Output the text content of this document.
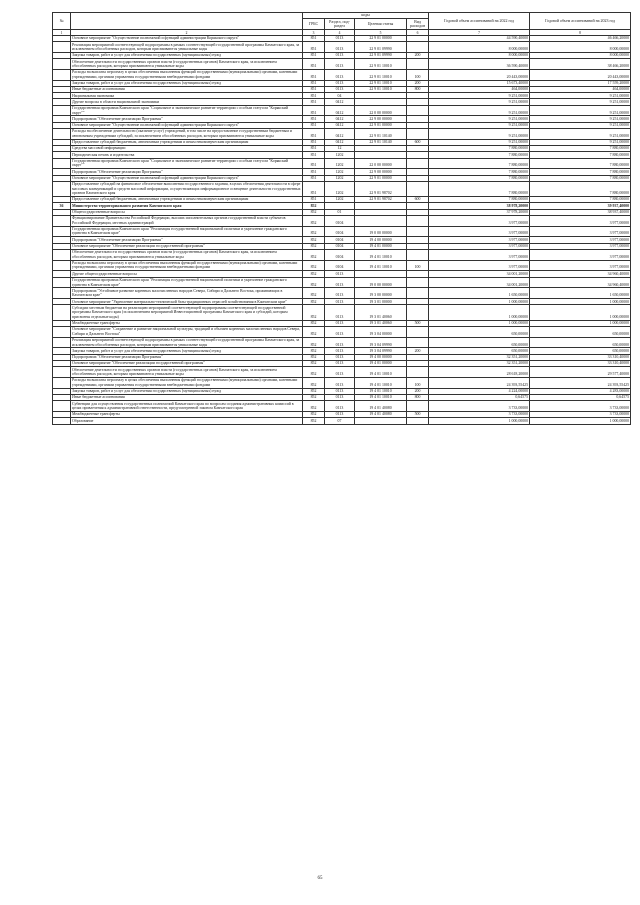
№		коды				Годовой объем ассигнований на 2022 год	Годовой объем ассигнований на 2023 год
		ГРБС	Раздел, под-раздел	Целевая статья	Вид расходов		
1	2	3	4	5	6	7	8
	Основное мероприятие "Осуществление полномочий и функций администрации Корякского округа"	851	0113	22 9 01 00000		44 590,40000	46 466,20000
	Реализация мероприятий соответствующей подпрограммы в рамках соответствующей государственной программы Камчатского края, за исключением обособленных расходов, которым присваиваются уникальные коды	851	0113	22 9 01 09990		8 000,00000	8 000,00000
	Закупка товаров, работ и услуг для обеспечения государственных (муниципальных) нужд	851	0113	22 9 01 09990	200	8 000,00000	8 000,00000
	Обеспечение деятельности государственных органов власти (государственных органов) Камчатского края, за исключением обособленных расходов, которым присваиваются уникальные коды	851	0113	22 9 01 10010		36 590,40000	38 466,20000
	Расходы на выплаты персоналу в целях обеспечения выполнения функций государственными (муниципальными) органами, казенными учреждениями, органами управления государственными внебюджетными фондами	851	0113	22 9 01 10010	100	20 443,00000	20 443,00000
	Закупка товаров, работ и услуг для обеспечения государственных (муниципальных) нужд	851	0113	22 9 01 10010	200	15 673,40000	17 559,20000
	Иные бюджетные ассигнования	851	0113	22 9 01 10010	800	464,00000	464,00000
	Национальная экономика	851	04			9 251,00000	9 251,00000
	Другие вопросы в области национальной экономики	851	0412			9 251,00000	9 251,00000
	Государственная программа Камчатского края "Социальное и экономическое развитие территории с особым статусом "Корякский округ""	851	0412	22 0 00 00000		9 251,00000	9 251,00000
	Подпрограмма "Обеспечение реализации Программы"	851	0412	22 9 00 00000		9 251,00000	9 251,00000
	Основное мероприятие "Осуществление полномочий и функций администрации Корякского округа"	851	0412	22 9 01 00000		9 251,00000	9 251,00000
	Расходы на обеспечение деятельности (оказание услуг) учреждений, в том числе на предоставление государственным бюджетным и автономным учреждениям субсидий, за исключением обособленных расходов, которым присваиваются уникальные коды	851	0412	22 9 01 10140		9 251,00000	9 251,00000
	Предоставление субсидий бюджетным, автономным учреждениям и иным некоммерческим организациям	851	0412	22 9 01 10140	600	9 251,00000	9 251,00000
	Средства массовой информации	851	12			7 880,00000	7 880,00000
	Периодическая печать и издательства	851	1202			7 880,00000	7 880,00000
	Государственная программа Камчатского края "Социальное и экономическое развитие территории с особым статусом "Корякский округ""	851	1202	22 0 00 00000		7 880,00000	7 880,00000
	Подпрограмма "Обеспечение реализации Программы"	851	1202	22 9 00 00000		7 880,00000	7 880,00000
	Основное мероприятие "Осуществление полномочий и функций администрации Корякского округа"	851	1202	22 9 01 00000		7 880,00000	7 880,00000
	Предоставление субсидий на финансовое обеспечение выполнения государственного задания, в целях обеспечения деятельности в сфере массовых коммуникаций и средств массовой информации, осуществляющих информационное освещение деятельности государственных органов Камчатского края	851	1202	22 9 01 98702		7 880,00000	7 880,00000
	Предоставление субсидий бюджетным, автономным учреждениям и иным некоммерческим организациям	851	1202	22 9 01 98702	600	7 880,00000	7 880,00000
36	Министерство территориального развития Камчатского края	852				38 978,20000	39 937,40000
	Общегосударственные вопросы	852	01			37 978,20000	38 937,40000
	Функционирование Правительства Российской Федерации, высших исполнительных органов государственной власти субъектов Российской Федерации, местных администраций	852	0104			3 977,00000	3 977,00000
	Государственная программа Камчатского края "Реализация государственной национальной политики и укрепление гражданского единства в Камчатском крае"	852	0104	19 0 00 00000		3 977,00000	3 977,00000
	Подпрограмма "Обеспечение реализации Программы"	852	0104	19 4 00 00000		3 977,00000	3 977,00000
	Основное мероприятие "Обеспечение реализации государственной программы"	852	0104	19 4 01 00000		3 977,00000	3 977,00000
	Обеспечение деятельности государственных органов власти (государственных органов) Камчатского края, за исключением обособленных расходов, которым присваиваются уникальные коды	852	0104	19 4 01 10010		3 977,00000	3 977,00000
	Расходы на выплаты персоналу в целях обеспечения выполнения функций государственными (муниципальными) органами, казенными учреждениями, органами управления государственными внебюджетными фондами	852	0104	19 4 01 10010	100	3 977,00000	3 977,00000
	Другие общегосударственные вопросы	852	0113			34 001,20000	34 960,40000
	Государственная программа Камчатского края "Реализация государственной национальной политики и укрепление гражданского единства в Камчатском крае"	852	0113	19 0 00 00000		34 001,20000	34 960,40000
	Подпрограмма "Устойчивое развитие коренных малочисленных народов Севера, Сибири и Дальнего Востока, проживающих в Камчатском крае"	852	0113	19 3 00 00000		1 650,00000	1 650,00000
	Основное мероприятие "Укрепление материально-технической базы традиционных отраслей хозяйствования в Камчатском крае"	852	0113	19 3 01 00000		1 000,00000	1 000,00000
	Субсидии местным бюджетам на реализацию мероприятий соответствующей подпрограммы соответствующей государственной программы Камчатского края (за исключением мероприятий Инвестиционной программы Камчатского края и субсидий, которым присвоены отдельные коды)	852	0113	19 3 01 40060		1 000,00000	1 000,00000
	Межбюджетные трансферты	852	0113	19 3 01 40060	500	1 000,00000	1 000,00000
	Основное мероприятие "Сохранение и развитие национальной культуры, традиций и обычаев коренных малочисленных народов Севера, Сибири и Дальнего Востока"	852	0113	19 3 04 00000		650,00000	650,00000
	Реализация мероприятий соответствующей подпрограммы в рамках соответствующей государственной программы Камчатского края, за исключением обособленных расходов, которым присваиваются уникальные коды	852	0113	19 3 04 09990		650,00000	650,00000
	Закупка товаров, работ и услуг для обеспечения государственных (муниципальных) нужд	852	0113	19 3 04 09990	200	650,00000	650,00000
	Подпрограмма "Обеспечение реализации Программы"	852	0113	19 4 00 00000		32 351,20000	33 310,40000
	Основное мероприятие "Обеспечение реализации государственной программы"	852	0113	19 4 01 00000		32 351,20000	33 310,40000
	Обеспечение деятельности государственных органов власти (государственных органов) Камчатского края, за исключением обособленных расходов, которым присваиваются уникальные коды	852	0113	19 4 01 10010		28 618,20000	29 577,40000
	Расходы на выплаты персоналу в целях обеспечения выполнения функций государственными (муниципальными) органами, казенными учреждениями, органами управления государственными внебюджетными фондами	852	0113	19 4 01 10010	100	24 393,55425	24 393,55425
	Закупка товаров, работ и услуг для обеспечения государственных (муниципальных) нужд	852	0113	19 4 01 10010	200	4 224,00000	4 283,00000
	Иные бюджетные ассигнования	852	0113	19 4 01 10010	800	0,64575	0,64575
	Субвенции для осуществления государственных полномочий Камчатского края по вопросам создания административных комиссий в целях привлечения к административной ответственности, предусмотренной законом Камчатского края	852	0113	19 4 01 40080		3 733,00000	3 733,00000
	Межбюджетные трансферты	852	0113	19 4 01 40080	500	3 733,00000	3 733,00000
	Образование	852	07			1 000,00000	1 000,00000
65
